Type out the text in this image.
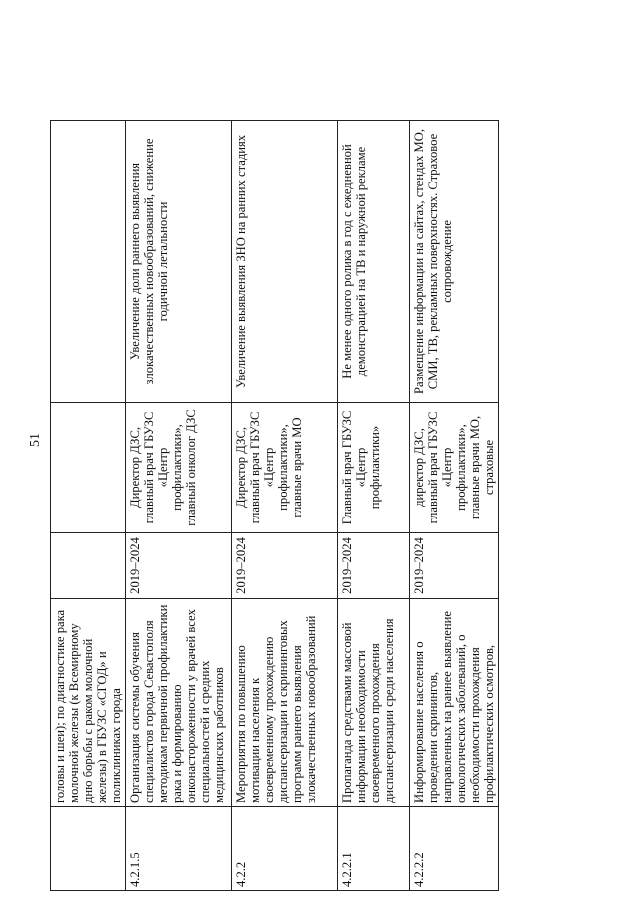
51
	головы и шеи); по диагностике рака молочной железы (к Всемирному дню борьбы с раком молочной железы) в ГБУЗС «СГОД» и поликлиниках города			
4.2.1.5	Организация системы обучения специалистов города Севастополя методикам первичной профилактики рака и формированию онконастороженности у врачей всех специальностей и средних медицинских работников	2019–2024	Директор ДЗС, главный врач ГБУЗС «Центр профилактики», главный онколог ДЗС	Увеличение доли раннего выявления злокачественных новообразований, снижение годичной летальности
4.2.2	Мероприятия по повышению мотивации населения к своевременному прохождению диспансеризации и скрининговых программ раннего выявления злокачественных новообразований	2019–2024	Директор ДЗС, главный врач ГБУЗС «Центр профилактики», главные врачи МО	Увеличение выявления ЗНО на ранних стадиях
4.2.2.1	Пропаганда средствами массовой информации необходимости своевременного прохождения диспансеризации среди населения	2019–2024	Главный врач ГБУЗС «Центр профилактики»	Не менее одного ролика в год с ежедневной демонстрацией на ТВ и наружной рекламе
4.2.2.2	Информирование населения о проведении скринингов, направленных на раннее выявление онкологических заболеваний, о необходимости прохождения профилактических осмотров,	2019–2024	директор ДЗС, главный врач ГБУЗС «Центр профилактики», главные врачи МО, страховые	Размещение информации на сайтах, стендах МО, СМИ, ТВ, рекламных поверхностях. Страховое сопровождение
